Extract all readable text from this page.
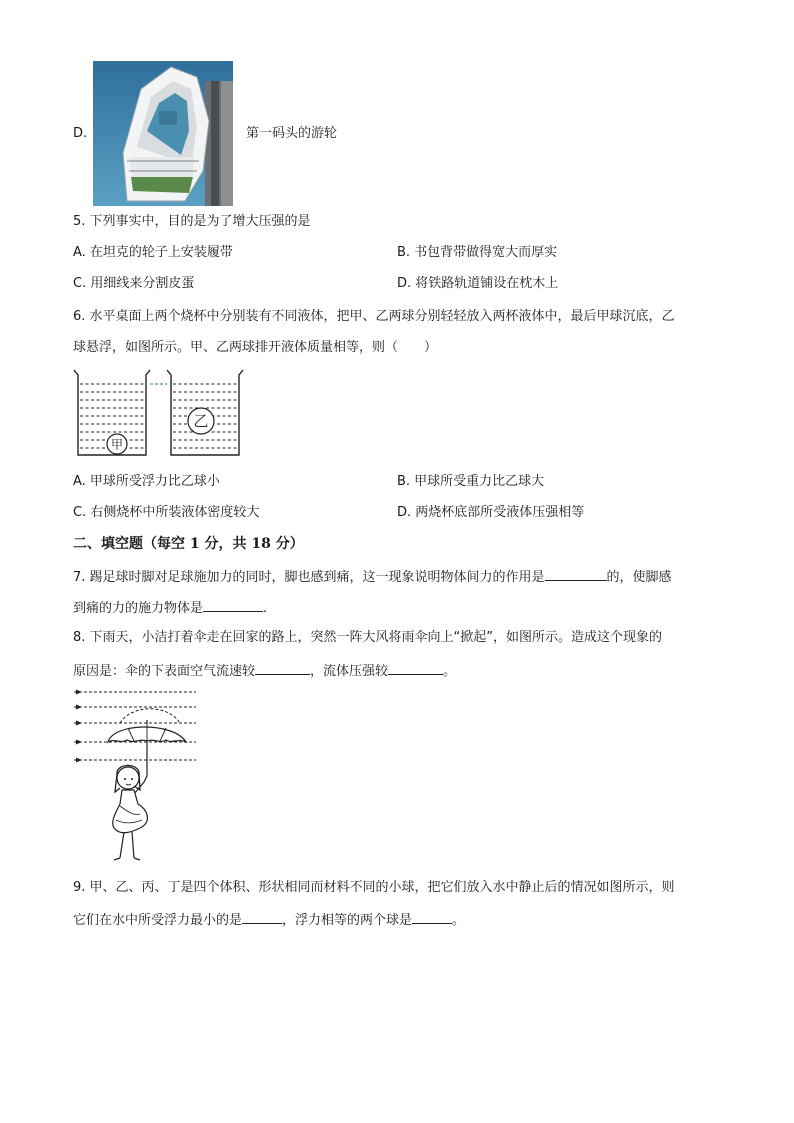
D.	第一码头的游轮
5. 下列事实中，目的是为了增大压强的是
A. 在坦克的轮子上安装履带	B. 书包背带做得宽大而厚实
C. 用细线来分割皮蛋	D. 将铁路轨道铺设在枕木上
6. 水平桌面上两个烧杯中分别装有不同液体，把甲、乙两球分别轻轻放入两杯液体中，最后甲球沉底，乙
球悬浮，如图所示。甲、乙两球排开液体质量相等，则（　　）
甲
乙
A. 甲球所受浮力比乙球小	B. 甲球所受重力比乙球大
C. 右侧烧杯中所装液体密度较大	D. 两烧杯底部所受液体压强相等
二、填空题（每空 1 分，共 18 分）
7. 踢足球时脚对足球施加力的同时，脚也感到痛，这一现象说明物体间力的作用是	的，使脚感
到痛的力的施力物体是	.
8. 下雨天，小洁打着伞走在回家的路上，突然一阵大风将雨伞向上“掀起”，如图所示。造成这个现象的
原因是：伞的下表面空气流速较	，流体压强较	。
9. 甲、乙、丙、丁是四个体积、形状相同而材料不同的小球，把它们放入水中静止后的情况如图所示，则
它们在水中所受浮力最小的是	，浮力相等的两个球是	。
